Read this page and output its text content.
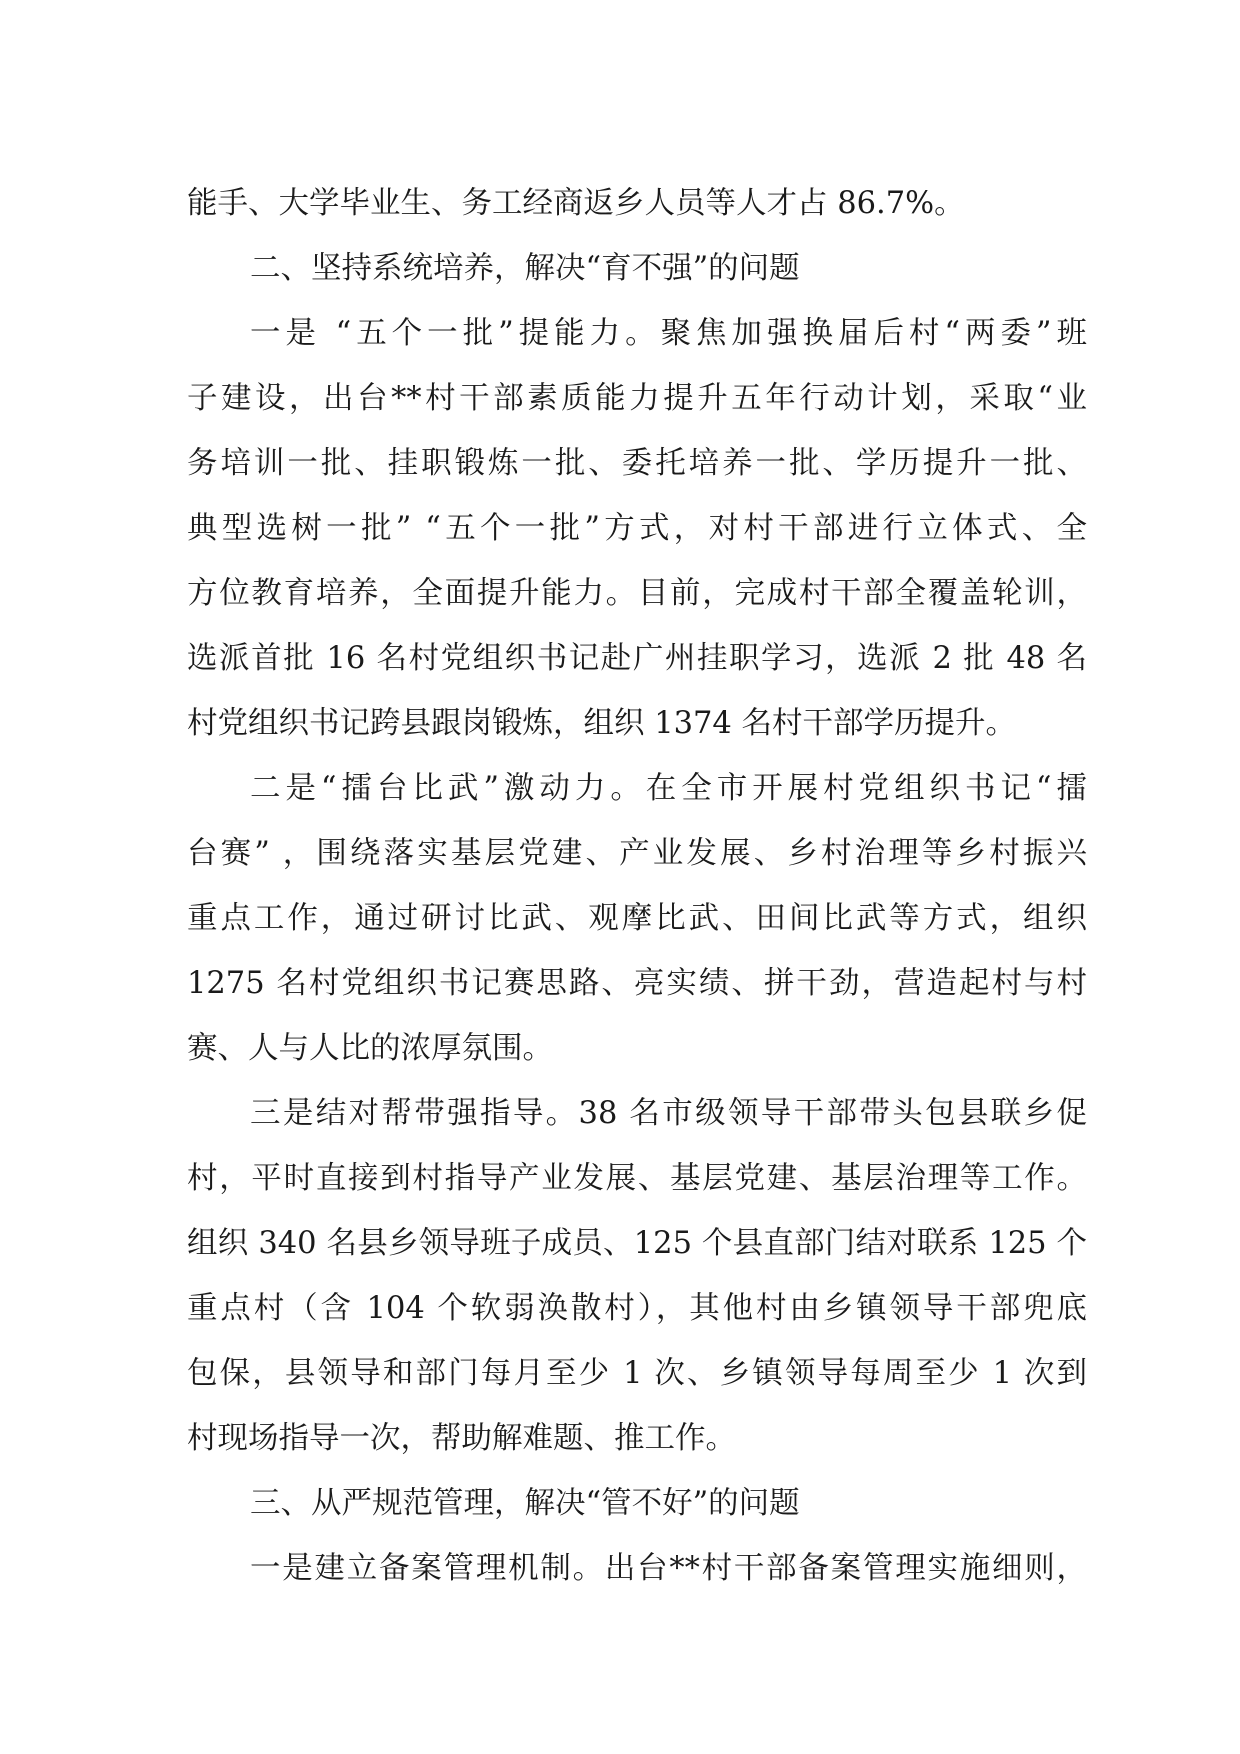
能手、大学毕业生、务工经商返乡人员等人才占 86.7%。
二、坚持系统培养，解决“育不强”的问题
一是 “五个一批”提能力。聚焦加强换届后村“两委”班
子建设，出台**村干部素质能力提升五年行动计划，采取“业
务培训一批、挂职锻炼一批、委托培养一批、学历提升一批、
典型选树一批” “五个一批”方式，对村干部进行立体式、全
方位教育培养，全面提升能力。目前，完成村干部全覆盖轮训，
选派首批 16 名村党组织书记赴广州挂职学习，选派 2 批 48 名
村党组织书记跨县跟岗锻炼，组织 1374 名村干部学历提升。
二是“擂台比武”激动力。在全市开展村党组织书记“擂
台赛” ，围绕落实基层党建、产业发展、乡村治理等乡村振兴
重点工作，通过研讨比武、观摩比武、田间比武等方式，组织
1275 名村党组织书记赛思路、亮实绩、拼干劲，营造起村与村
赛、人与人比的浓厚氛围。
三是结对帮带强指导。38 名市级领导干部带头包县联乡促
村，平时直接到村指导产业发展、基层党建、基层治理等工作。
组织 340 名县乡领导班子成员、125 个县直部门结对联系 125 个
重点村（含 104 个软弱涣散村），其他村由乡镇领导干部兜底
包保，县领导和部门每月至少 1 次、乡镇领导每周至少 1 次到
村现场指导一次，帮助解难题、推工作。
三、从严规范管理，解决“管不好”的问题
一是建立备案管理机制。出台**村干部备案管理实施细则，
